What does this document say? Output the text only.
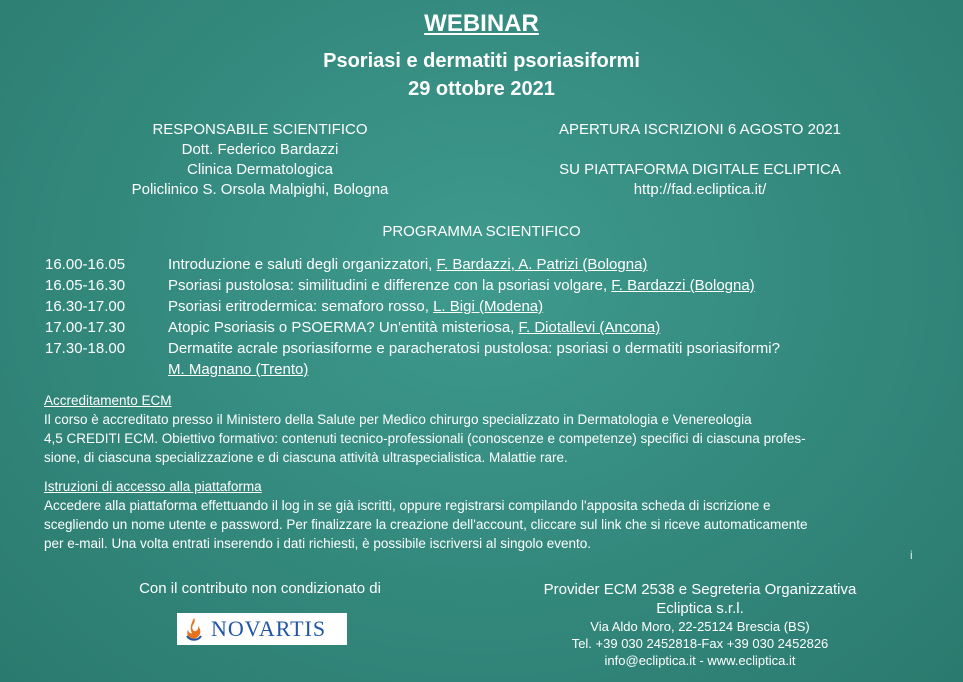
WEBINAR
Psoriasi e dermatiti psoriasiformi
29 ottobre 2021
RESPONSABILE SCIENTIFICO
Dott. Federico Bardazzi
Clinica Dermatologica
Policlinico S. Orsola Malpighi, Bologna
APERTURA ISCRIZIONI 6 AGOSTO 2021
SU PIATTAFORMA DIGITALE ECLIPTICA
http://fad.ecliptica.it/
PROGRAMMA SCIENTIFICO
16.00-16.05	Introduzione e saluti degli organizzatori, F. Bardazzi, A. Patrizi (Bologna)
16.05-16.30	Psoriasi pustolosa: similitudini e differenze con la psoriasi volgare, F. Bardazzi (Bologna)
16.30-17.00	Psoriasi eritrodermica: semaforo rosso, L. Bigi (Modena)
17.00-17.30	Atopic Psoriasis o PSOERMA? Un'entità misteriosa, F. Diotallevi (Ancona)
17.30-18.00	Dermatite acrale psoriasiforme e paracheratosi pustolosa: psoriasi o dermatiti psoriasiformi?
M. Magnano (Trento)
Accreditamento ECM
Il corso è accreditato presso il Ministero della Salute per Medico chirurgo specializzato in Dermatologia e Venereologia
4,5 CREDITI ECM. Obiettivo formativo: contenuti tecnico-professionali (conoscenze e competenze) specifici di ciascuna profes-
sione, di ciascuna specializzazione e di ciascuna attività ultraspecialistica. Malattie rare.
Istruzioni di accesso alla piattaforma
Accedere alla piattaforma effettuando il log in se già iscritti, oppure registrarsi compilando l'apposita scheda di iscrizione e
scegliendo un nome utente e password. Per finalizzare la creazione dell'account, cliccare sul link che si riceve automaticamente
per e-mail. Una volta entrati inserendo i dati richiesti, è possibile iscriversi al singolo evento.
i
Con il contributo non condizionato di
NOVARTIS
Provider ECM 2538 e Segreteria Organizzativa
Ecliptica s.r.l.
Via Aldo Moro, 22-25124 Brescia (BS)
Tel. +39 030 2452818-Fax +39 030 2452826
info@ecliptica.it - www.ecliptica.it
